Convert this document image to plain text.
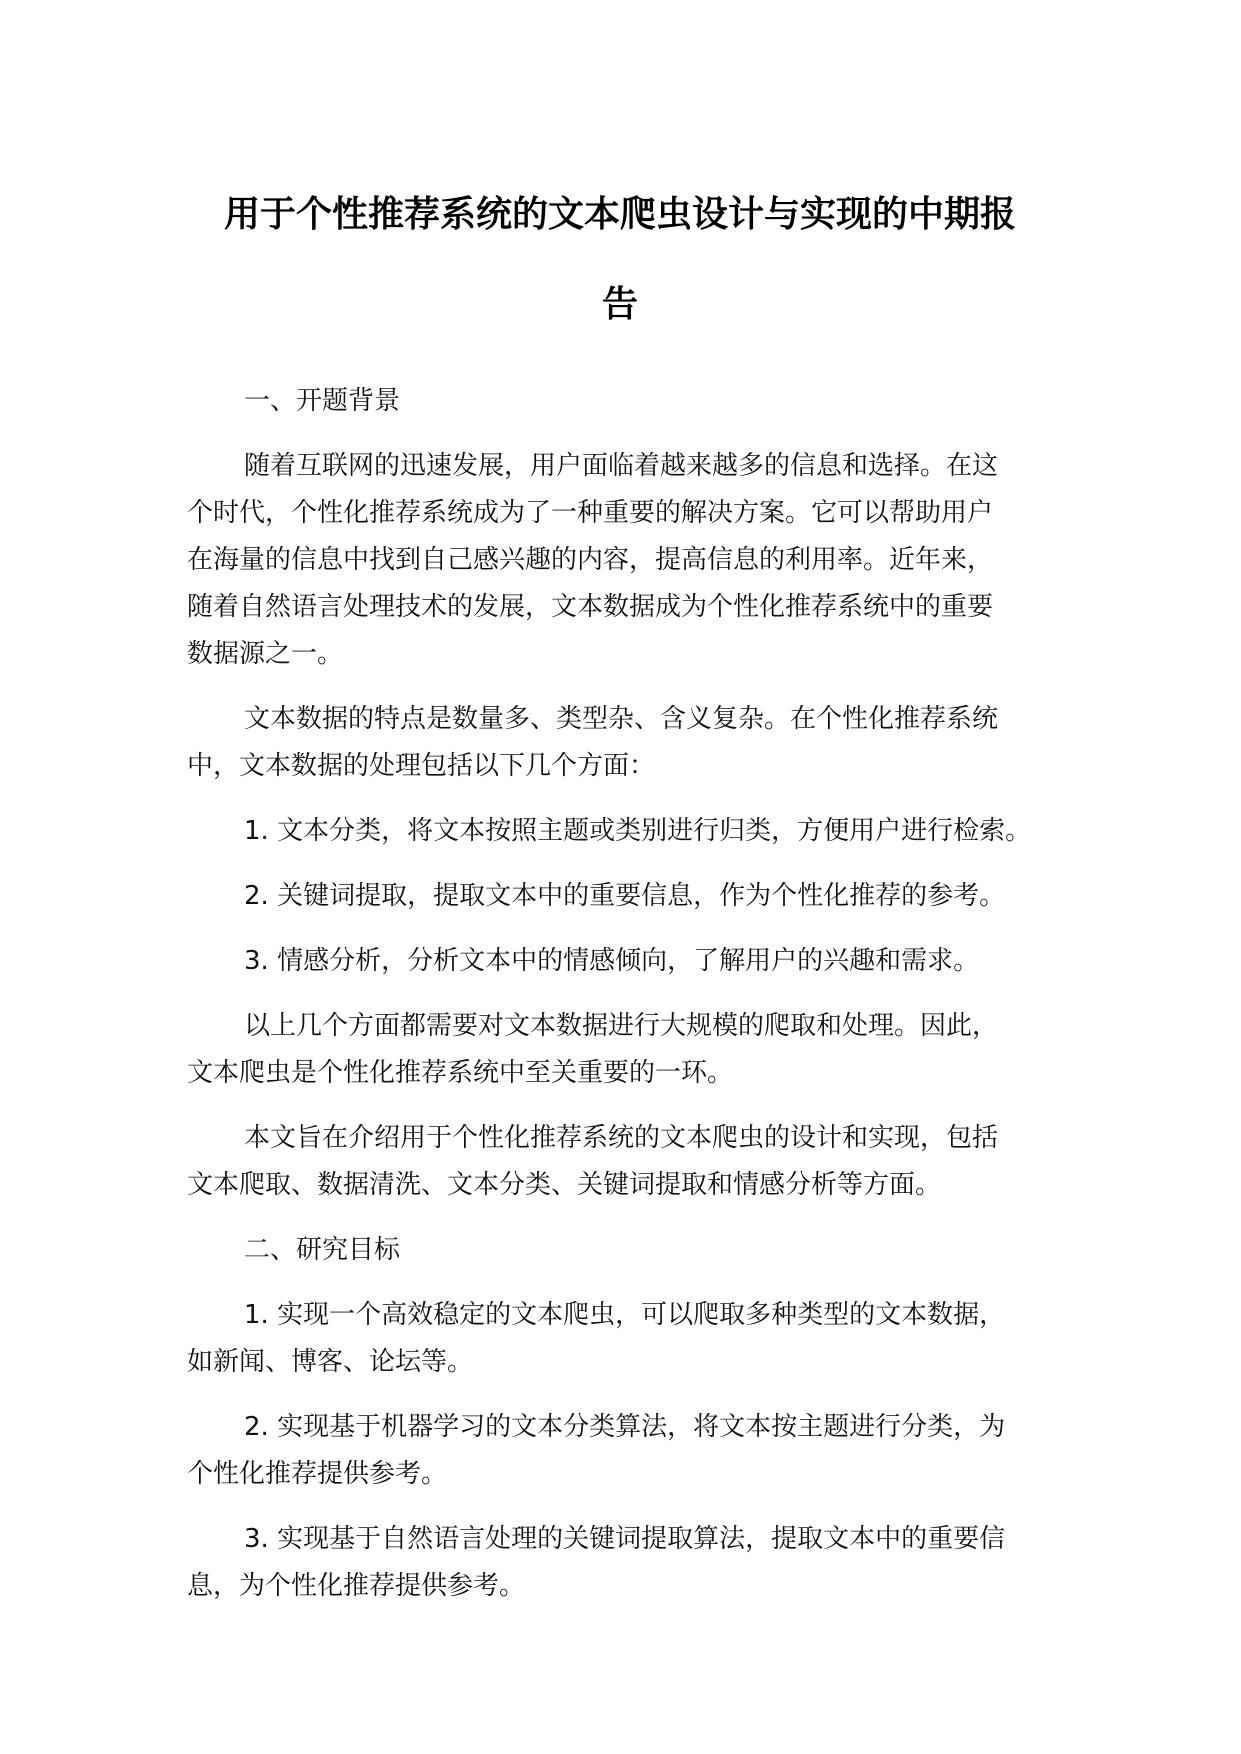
用于个性推荐系统的文本爬虫设计与实现的中期报
告
一、开题背景
随着互联网的迅速发展，用户面临着越来越多的信息和选择。在这
个时代，个性化推荐系统成为了一种重要的解决方案。它可以帮助用户
在海量的信息中找到自己感兴趣的内容，提高信息的利用率。近年来，
随着自然语言处理技术的发展，文本数据成为个性化推荐系统中的重要
数据源之一。
文本数据的特点是数量多、类型杂、含义复杂。在个性化推荐系统
中，文本数据的处理包括以下几个方面：
1. 文本分类，将文本按照主题或类别进行归类，方便用户进行检索。
2. 关键词提取，提取文本中的重要信息，作为个性化推荐的参考。
3. 情感分析，分析文本中的情感倾向，了解用户的兴趣和需求。
以上几个方面都需要对文本数据进行大规模的爬取和处理。因此，
文本爬虫是个性化推荐系统中至关重要的一环。
本文旨在介绍用于个性化推荐系统的文本爬虫的设计和实现，包括
文本爬取、数据清洗、文本分类、关键词提取和情感分析等方面。
二、研究目标
1. 实现一个高效稳定的文本爬虫，可以爬取多种类型的文本数据，
如新闻、博客、论坛等。
2. 实现基于机器学习的文本分类算法，将文本按主题进行分类，为
个性化推荐提供参考。
3. 实现基于自然语言处理的关键词提取算法，提取文本中的重要信
息，为个性化推荐提供参考。
